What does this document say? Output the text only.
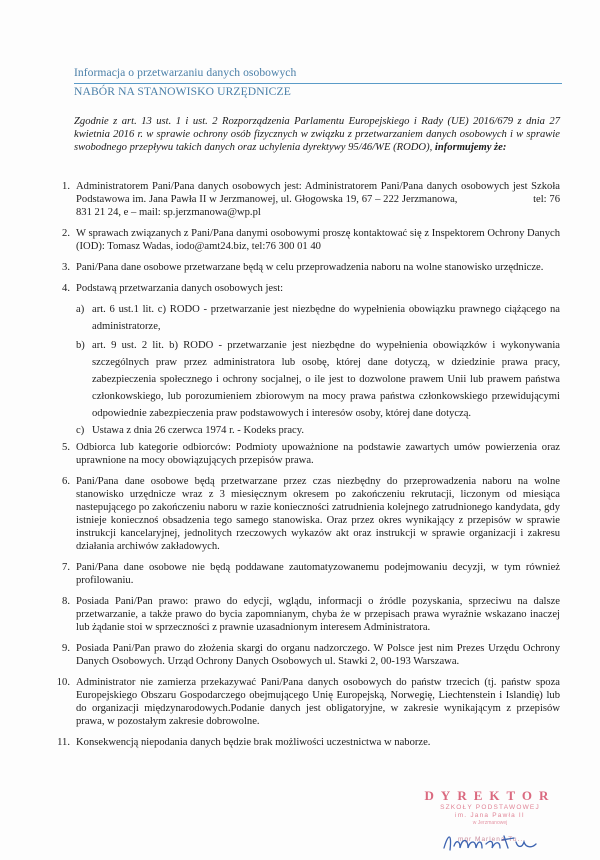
Informacja o przetwarzaniu danych osobowych
NABÓR NA STANOWISKO URZĘDNICZE
Zgodnie z art. 13 ust. 1 i ust. 2 Rozporządzenia Parlamentu Europejskiego i Rady (UE) 2016/679 z dnia 27 kwietnia 2016 r. w sprawie ochrony osób fizycznych w związku z przetwarzaniem danych osobowych i w sprawie swobodnego przepływu takich danych oraz uchylenia dyrektywy 95/46/WE (RODO), informujemy że:
1. Administratorem Pani/Pana danych osobowych jest: Administratorem Pani/Pana danych osobowych jest Szkoła Podstawowa im. Jana Pawła II w Jerzmanowej, ul. Głogowska 19, 67 – 222 Jerzmanowa,	tel: 76 831 21 24, e – mail: sp.jerzmanowa@wp.pl
2. W sprawach związanych z Pani/Pana danymi osobowymi proszę kontaktować się z Inspektorem Ochrony Danych (IOD): Tomasz Wadas, iodo@amt24.biz, tel:76 300 01 40
3. Pani/Pana dane osobowe przetwarzane będą w celu przeprowadzenia naboru na wolne stanowisko urzędnicze.
4. Podstawą przetwarzania danych osobowych jest:
a) art. 6 ust.1 lit. c) RODO - przetwarzanie jest niezbędne do wypełnienia obowiązku prawnego ciążącego na administratorze,
b) art. 9 ust. 2 lit. b) RODO - przetwarzanie jest niezbędne do wypełnienia obowiązków i wykonywania szczególnych praw przez administratora lub osobę, której dane dotyczą, w dziedzinie prawa pracy, zabezpieczenia społecznego i ochrony socjalnej, o ile jest to dozwolone prawem Unii lub prawem państwa członkowskiego, lub porozumieniem zbiorowym na mocy prawa państwa członkowskiego przewidującymi odpowiednie zabezpieczenia praw podstawowych i interesów osoby, której dane dotyczą.
c) Ustawa z dnia 26 czerwca 1974 r. - Kodeks pracy.
5. Odbiorca lub kategorie odbiorców: Podmioty upoważnione na podstawie zawartych umów powierzenia oraz uprawnione na mocy obowiązujących przepisów prawa.
6. Pani/Pana dane osobowe będą przetwarzane przez czas niezbędny do przeprowadzenia naboru na wolne stanowisko urzędnicze wraz z 3 miesięcznym okresem po zakończeniu rekrutacji, liczonym od miesiąca nastepującego po zakończeniu naboru w razie konieczności zatrudnienia kolejnego zatrudnionego kandydata, gdy istnieje koniecznoś obsadzenia tego samego stanowiska. Oraz przez okres wynikający z przepisów w sprawie instrukcji kancelaryjnej, jednolitych rzeczowych wykazów akt oraz instrukcji w sprawie organizacji i zakresu działania archiwów zakładowych.
7. Pani/Pana dane osobowe nie będą poddawane zautomatyzowanemu podejmowaniu decyzji, w tym również profilowaniu.
8. Posiada Pani/Pan prawo: prawo do edycji, wglądu, informacji o źródle pozyskania, sprzeciwu na dalsze przetwarzanie, a także prawo do bycia zapomnianym, chyba że w przepisach prawa wyraźnie wskazano inaczej lub żądanie stoi w sprzeczności z prawnie uzasadnionym interesem Administratora.
9. Posiada Pani/Pan prawo do złożenia skargi do organu nadzorczego. W Polsce jest nim Prezes Urzędu Ochrony Danych Osobowych. Urząd Ochrony Danych Osobowych ul. Stawki 2, 00-193 Warszawa.
10. Administrator nie zamierza przekazywać Pani/Pana danych osobowych do państw trzecich (tj. państw spoza Europejskiego Obszaru Gospodarczego obejmującego Unię Europejską, Norwegię, Liechtenstein i Islandię) lub do organizacji międzynarodowych.Podanie danych jest obligatoryjne, w zakresie wynikającym z przepisów prawa, w pozostałym zakresie dobrowolne.
11. Konsekwencją niepodania danych będzie brak możliwości uczestnictwa w naborze.
DYREKTOR
SZKOŁY PODSTAWOWEJ
im. Jana Pawła II
w Jerzmanowej
mgr Marlena Tu...
